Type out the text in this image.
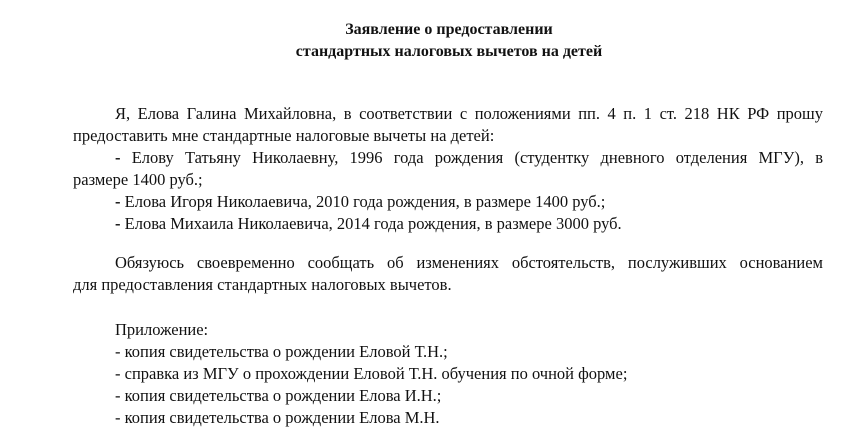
Заявление о предоставлении
стандартных налоговых вычетов на детей
Я, Елова Галина Михайловна, в соответствии с положениями пп. 4 п. 1 ст. 218 НК РФ прошу
предоставить мне стандартные налоговые вычеты на детей:
- Елову Татьяну Николаевну, 1996 года рождения (студентку дневного отделения МГУ), в
размере 1400 руб.;
- Елова Игоря Николаевича, 2010 года рождения, в размере 1400 руб.;
- Елова Михаила Николаевича, 2014 года рождения, в размере 3000 руб.
Обязуюсь своевременно сообщать об изменениях обстоятельств, послуживших основанием
для предоставления стандартных налоговых вычетов.
Приложение:
- копия свидетельства о рождении Еловой Т.Н.;
- справка из МГУ о прохождении Еловой Т.Н. обучения по очной форме;
- копия свидетельства о рождении Елова И.Н.;
- копия свидетельства о рождении Елова М.Н.
